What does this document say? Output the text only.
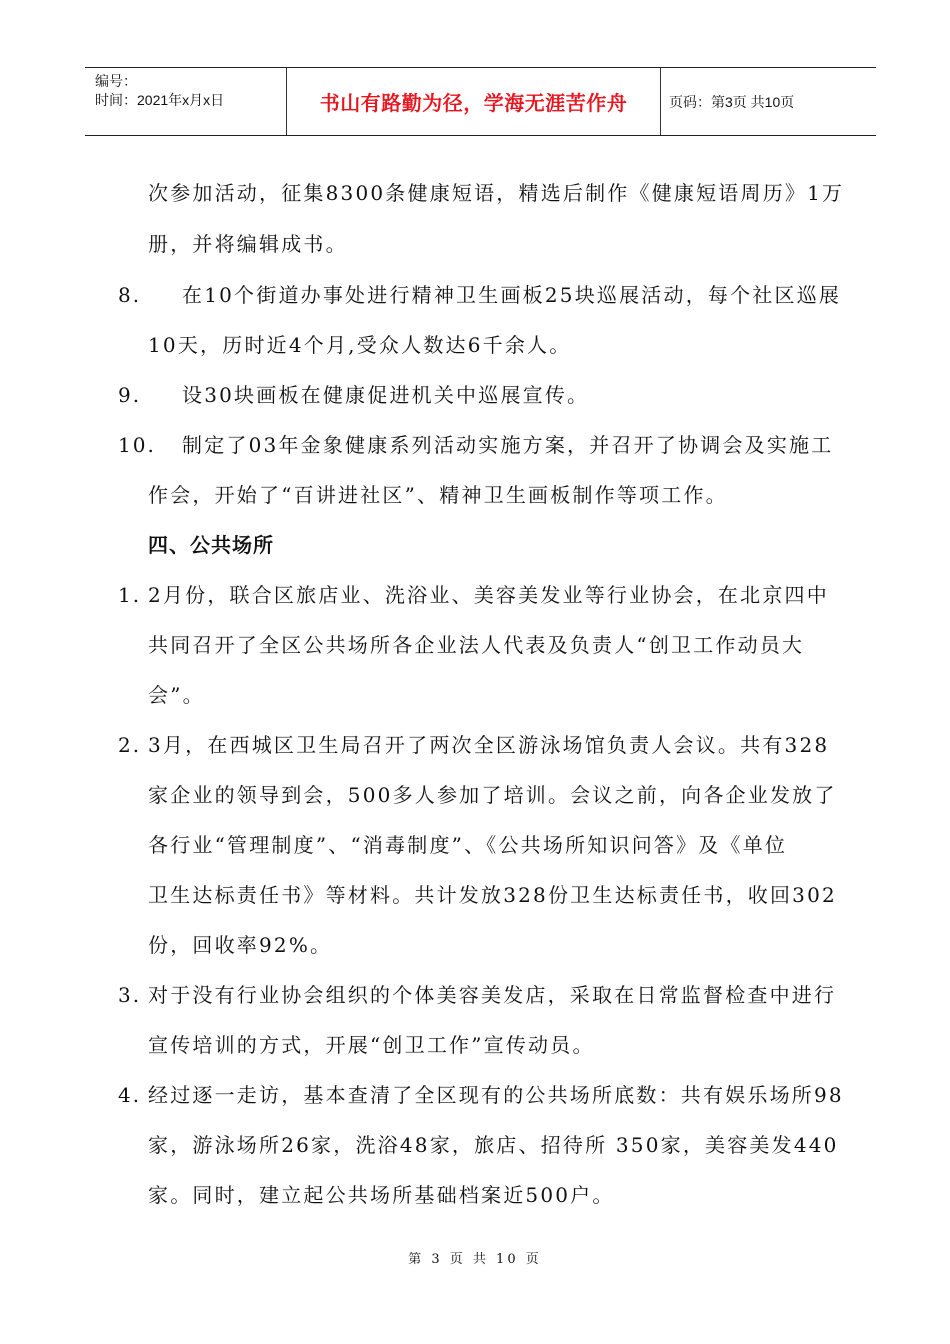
编号：
时间：2021年x月x日	书山有路勤为径，学海无涯苦作舟	页码：第3页 共10页
次参加活动，征集8300条健康短语，精选后制作《健康短语周历》1万
册，并将编辑成书。
8. 在10个街道办事处进行精神卫生画板25块巡展活动，每个社区巡展
10天，历时近4个月,受众人数达6千余人。
9. 设30块画板在健康促进机关中巡展宣传。
10. 制定了03年金象健康系列活动实施方案，并召开了协调会及实施工
作会，开始了“百讲进社区”、精神卫生画板制作等项工作。
四、公共场所
1. 2月份，联合区旅店业、洗浴业、美容美发业等行业协会，在北京四中
共同召开了全区公共场所各企业法人代表及负责人“创卫工作动员大
会”。
2. 3月，在西城区卫生局召开了两次全区游泳场馆负责人会议。共有328
家企业的领导到会，500多人参加了培训。会议之前，向各企业发放了
各行业“管理制度”、“消毒制度”、《公共场所知识问答》及《单位
卫生达标责任书》等材料。共计发放328份卫生达标责任书，收回302
份，回收率92%。
3. 对于没有行业协会组织的个体美容美发店，采取在日常监督检查中进行
宣传培训的方式，开展“创卫工作”宣传动员。
4. 经过逐一走访，基本查清了全区现有的公共场所底数：共有娱乐场所98
家，游泳场所26家，洗浴48家，旅店、招待所 350家，美容美发440
家。同时，建立起公共场所基础档案近500户。
第 3 页 共 10 页
